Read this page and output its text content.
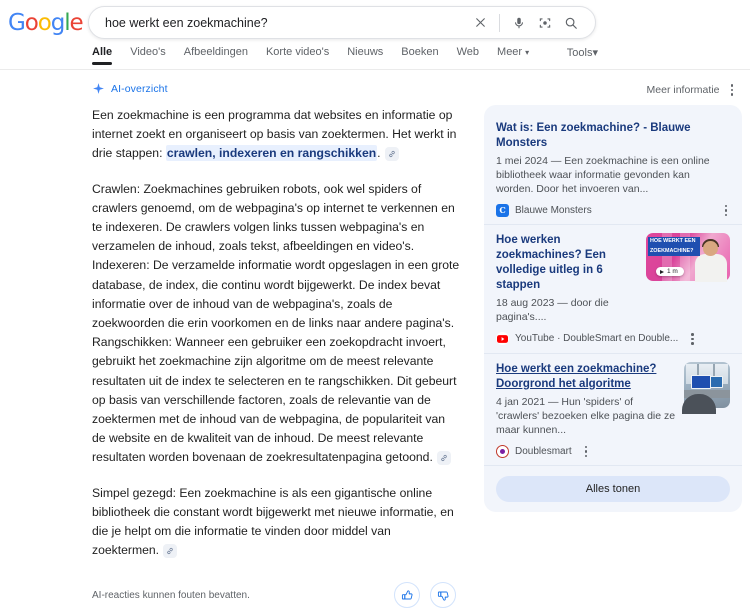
Google
hoe werkt een zoekmachine?
Alle	Video's	Afbeeldingen	Korte video's	Nieuws	Boeken	Web	Meer ▾	Tools▾
AI-overzicht

Een zoekmachine is een programma dat websites en informatie op internet zoekt en organiseert op basis van zoektermen. Het werkt in drie stappen: crawlen, indexeren en rangschikken.

Crawlen: Zoekmachines gebruiken robots, ook wel spiders of crawlers genoemd, om de webpagina's op internet te verkennen en te indexeren. De crawlers volgen links tussen webpagina's en verzamelen de inhoud, zoals tekst, afbeeldingen en video's.

Indexeren: De verzamelde informatie wordt opgeslagen in een grote database, de index, die continu wordt bijgewerkt. De index bevat informatie over de inhoud van de webpagina's, zoals de zoekwoorden die erin voorkomen en de links naar andere pagina's.

Rangschikken: Wanneer een gebruiker een zoekopdracht invoert, gebruikt het zoekmachine zijn algoritme om de meest relevante resultaten uit de index te selecteren en te rangschikken. Dit gebeurt op basis van verschillende factoren, zoals de relevantie van de zoektermen met de inhoud van de webpagina, de populariteit van de website en de kwaliteit van de inhoud. De meest relevante resultaten worden bovenaan de zoekresultatenpagina getoond.

Simpel gezegd: Een zoekmachine is als een gigantische online bibliotheek die constant wordt bijgewerkt met nieuwe informatie, en die je helpt om die informatie te vinden door middel van zoektermen.

AI-reacties kunnen fouten bevatten.
Meer informatie
Wat is: Een zoekmachine? - Blauwe Monsters
1 mei 2024 — Een zoekmachine is een online bibliotheek waar informatie gevonden kan worden. Door het invoeren van...
C Blauwe Monsters
Hoe werken zoekmachines? Een volledige uitleg in 6 stappen
18 aug 2023 — door die pagina's....
HOE WERKT EEN
ZOEKMACHINE?
1 m
YouTube · DoubleSmart en Double...
Hoe werkt een zoekmachine? Doorgrond het algoritme
4 jan 2021 — Hun 'spiders' of 'crawlers' bezoeken elke pagina die ze maar kunnen...
Doublesmart
Alles tonen
